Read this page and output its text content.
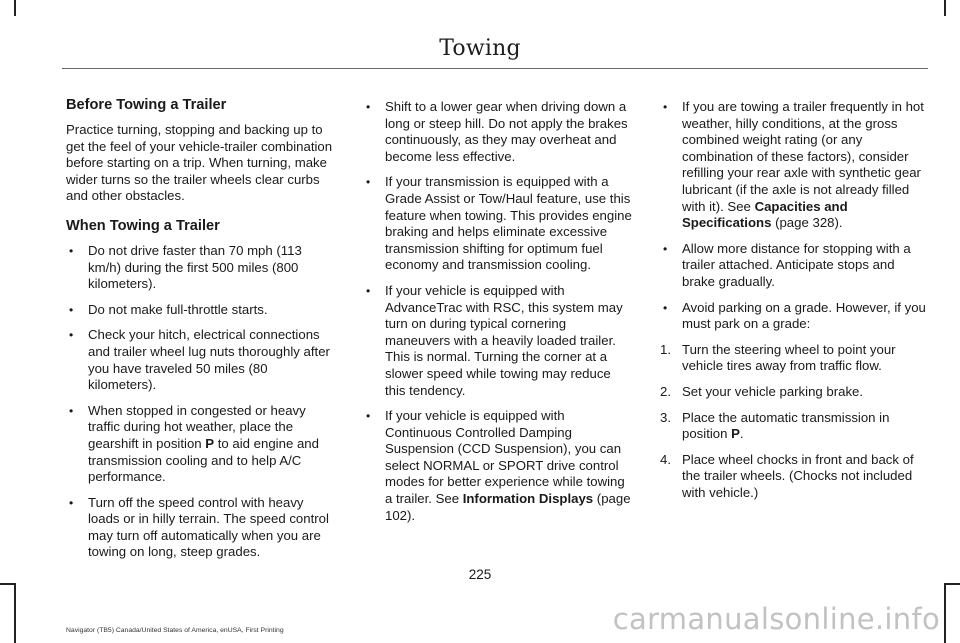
Towing
Before Towing a Trailer

Practice turning, stopping and backing up to get the feel of your vehicle-trailer combination before starting on a trip. When turning, make wider turns so the trailer wheels clear curbs and other obstacles.

When Towing a Trailer
• Do not drive faster than 70 mph (113 km/h) during the first 500 miles (800 kilometers).
• Do not make full-throttle starts.
• Check your hitch, electrical connections and trailer wheel lug nuts thoroughly after you have traveled 50 miles (80 kilometers).
• When stopped in congested or heavy traffic during hot weather, place the gearshift in position P to aid engine and transmission cooling and to help A/C performance.
• Turn off the speed control with heavy loads or in hilly terrain. The speed control may turn off automatically when you are towing on long, steep grades.
• Shift to a lower gear when driving down a long or steep hill. Do not apply the brakes continuously, as they may overheat and become less effective.
• If your transmission is equipped with a Grade Assist or Tow/Haul feature, use this feature when towing. This provides engine braking and helps eliminate excessive transmission shifting for optimum fuel economy and transmission cooling.
• If your vehicle is equipped with AdvanceTrac with RSC, this system may turn on during typical cornering maneuvers with a heavily loaded trailer. This is normal. Turning the corner at a slower speed while towing may reduce this tendency.
• If your vehicle is equipped with Continuous Controlled Damping Suspension (CCD Suspension), you can select NORMAL or SPORT drive control modes for better experience while towing a trailer. See Information Displays (page 102).
• If you are towing a trailer frequently in hot weather, hilly conditions, at the gross combined weight rating (or any combination of these factors), consider refilling your rear axle with synthetic gear lubricant (if the axle is not already filled with it). See Capacities and Specifications (page 328).
• Allow more distance for stopping with a trailer attached. Anticipate stops and brake gradually.
• Avoid parking on a grade. However, if you must park on a grade:
1. Turn the steering wheel to point your vehicle tires away from traffic flow.
2. Set your vehicle parking brake.
3. Place the automatic transmission in position P.
4. Place wheel chocks in front and back of the trailer wheels. (Chocks not included with vehicle.)
225
Navigator (TB5) Canada/United States of America, enUSA, First Printing	carmanualsonline.info
